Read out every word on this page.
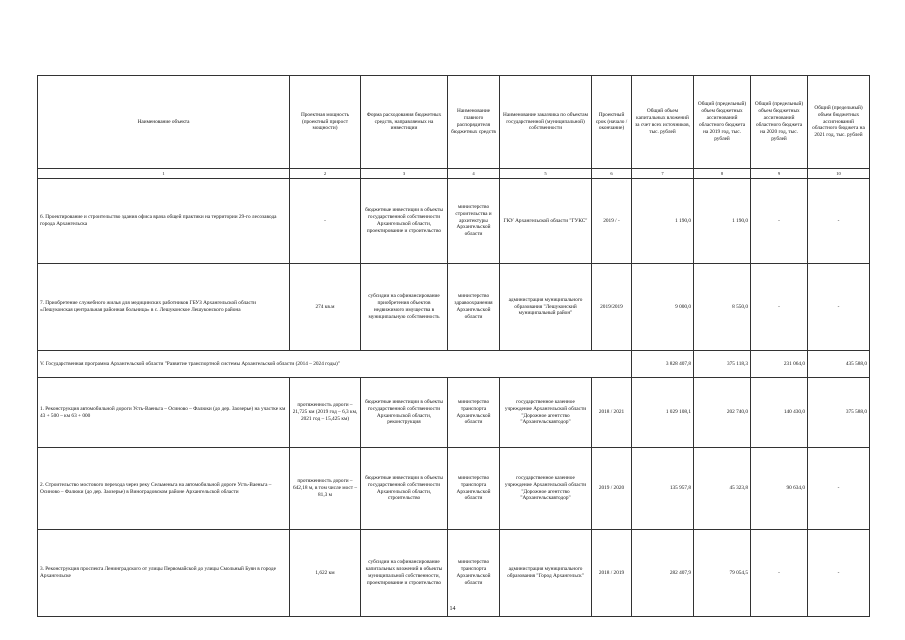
Наименование объекта	Проектная мощность (проектный прирост мощности)	Форма расходования бюджетных средств, направляемых на инвестиции	Наименование главного распорядителя бюджетных средств	Наименование заказчика по объектам государственной (муниципальной) собственности	Проектный срок (начало / окончание)	Общий объем капитальных вложений за счет всех источников, тыс. рублей	Общий (предельный) объем бюджетных ассигнований областного бюджета на 2019 год, тыс. рублей	Общий (предельный) объем бюджетных ассигнований областного бюджета на 2020 год, тыс. рублей	Общий (предельный) объем бюджетных ассигнований областного бюджета на 2021 год, тыс. рублей
1	2	3	4	5	6	7	8	9	10
6. Проектирование и строительство здания офиса врача общей практики на территории 29-го лесозавода города Архангельска	-	бюджетные инвестиции в объекты государственной собственности Архангельской области, проектирование и строительство	министерство строительства и архитектуры Архангельской области	ГКУ Архангельской области "ГУКС"	2019 / -	1 190,0	1 190,0	-	-
7. Приобретение служебного жилья для медицинских работников ГБУЗ Архангельской области «Лешуконская центральная районная больница» в с. Лешуконское Лешуконского района	274 кв.м	субсидии на софинансирование приобретения объектов недвижимого имущества в муниципальную собственность	министерство здравоохранения Архангельской области	администрация муниципального образования "Лешуконский муниципальный район"	2019/2019	9 000,0	8 550,0	-	-
V. Государственная программа Архангельской области "Развитие транспортной системы Архангельской области (2014 – 2024 годы)"						3 828 407,8	375 118,3	231 064,0	435 588,0
1. Реконструкция автомобильной дороги Усть-Ваеньга – Осиново – Фалюки (до дер. Заозерье) на участке км 43 + 500 – км 63 + 000	протяженность дороги – 21,725 км (2019 год – 6,3 км, 2021 год – 15,425 км)	бюджетные инвестиции в объекты государственной собственности Архангельской области, реконструкция	министерство транспорта Архангельской области	государственное казенное учреждение Архангельской области "Дорожное агентство "Архангельскавтодор"	2018 / 2021	1 029 108,1	202 740,0	140 430,0	375 588,0
2. Строительство мостового перехода через реку Сельменьга на автомобильной дороге Усть-Ваеньга – Осиново – Фалюки (до дер. Заозерье) в Виноградовском районе Архангельской области	протяженность дороги – 642,18 м, в том числе мост – 81,3 м	бюджетные инвестиции в объекты государственной собственности Архангельской области, строительство	министерство транспорта Архангельской области	государственное казенное учреждение Архангельской области "Дорожное агентство "Архангельскавтодор"	2019 / 2020	135 957,8	45 323,8	90 634,0	-
3. Реконструкция проспекта Ленинградского от улицы Первомайской до улицы Смольный Буян в городе Архангельске	1,622 км	субсидии на софинансирование капитальных вложений в объекты муниципальной собственности, проектирование и строительство	министерство транспорта Архангельской области	администрация муниципального образования "Город Архангельск"	2018 / 2019	282 407,9	79 054,5	-	-
14
